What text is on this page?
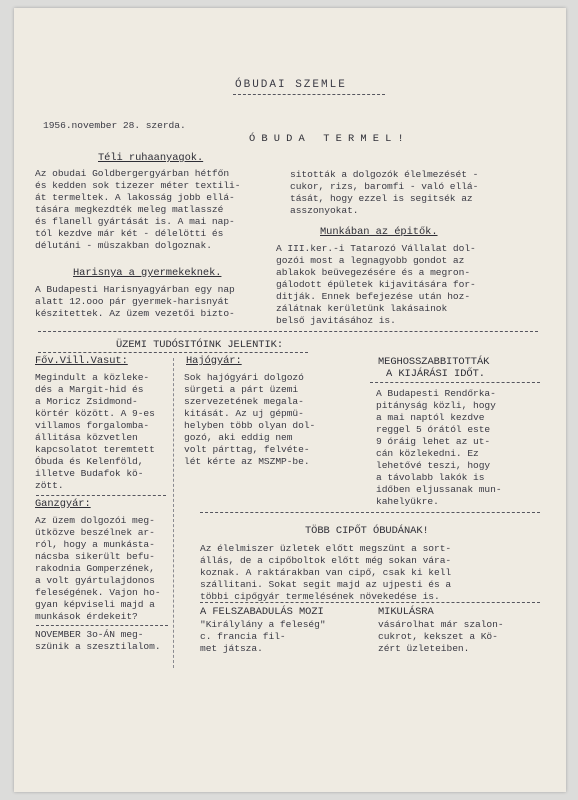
ÓBUDAI SZEMLE
1956.november 28. szerda.
Ó B U D A   T E R M E L !
Téli ruhaanyagok.
Az obudai Goldbergergyárban hétfőn
és kedden sok tizezer méter textili-
át termeltek. A lakosság jobb ellá-
tására megkezdték meleg matlasszé
és flanell gyártását is. A mai nap-
tól kezdve már két - délelötti és
délutáni - müszakban dolgoznak.
Harisnya a gyermekeknek.
A Budapesti Harisnyagyárban egy nap
alatt 12.ooo pár gyermek-harisnyát
készitettek. Az üzem vezetői bizto-
sitották a dolgozók élelmezését -
cukor, rizs, baromfi - való ellá-
tását, hogy ezzel is segitsék az
asszonyokat.
Munkában az épitők.
A III.ker.-i Tatarozó Vállalat dol-
gozói most a legnagyobb gondot az
ablakok beüvegezésére és a megron-
gálodott épületek kijavitására for-
ditják. Ennek befejezése után hoz-
zálátnak kerületünk lakásainok
belső javitásához is.
ÜZEMI TUDÓSITÓINK JELENTIK:
Főv.Vill.Vasut:
Megindult a közleke-
dés a Margit-hid és
a Moricz Zsidmond-
körtér között. A 9-es
villamos forgalomba-
állitása közvetlen
kapcsolatot teremtett
Óbuda és Kelenföld,
illetve Budafok kö-
zött.
Hajógyár:
Sok hajógyári dolgozó
sürgeti a párt üzemi
szervezetének megala-
kitását. Az uj gépmü-
helyben több olyan dol-
gozó, aki eddig nem
volt párttag, felvéte-
lét kérte az MSZMP-be.
MEGHOSSZABBITOTTÁK
A KIJÁRÁSI IDŐT.
A Budapesti Rendőrka-
pitányság közli, hogy
a mai naptól kezdve
reggel 5 órától este
9 óráig lehet az ut-
cán közlekedni. Ez
lehetővé teszi, hogy
a távolabb lakók is
időben eljussanak mun-
kahelyükre.
Ganzgyár:
Az üzem dolgozói meg-
ütközve beszélnek ar-
ról, hogy a munkásta-
nácsba sikerült befu-
rakodnia Gomperzének,
a volt gyártulajdonos
feleségének. Vajon ho-
gyan képviseli majd a
munkások érdekeit?
NOVEMBER 3o-ÁN meg-
szünik a szesztilalom.
TÖBB CIPŐT ÓBUDÁNAK!
Az élelmiszer üzletek előtt megszünt a sort-
állás, de a cipőboltok előtt még sokan vára-
koznak. A raktárakban van cipő, csak ki kell
szállitani. Sokat segit majd az ujpesti és a
többi cipőgyár termelésének növekedése is.
A FELSZABADULÁS MOZI
"Királylány a feleség"
c. francia fil-
met játsza.
MIKULÁSRA
vásárolhat már szalon-
cukrot, kekszet a Kö-
zért üzleteiben.
